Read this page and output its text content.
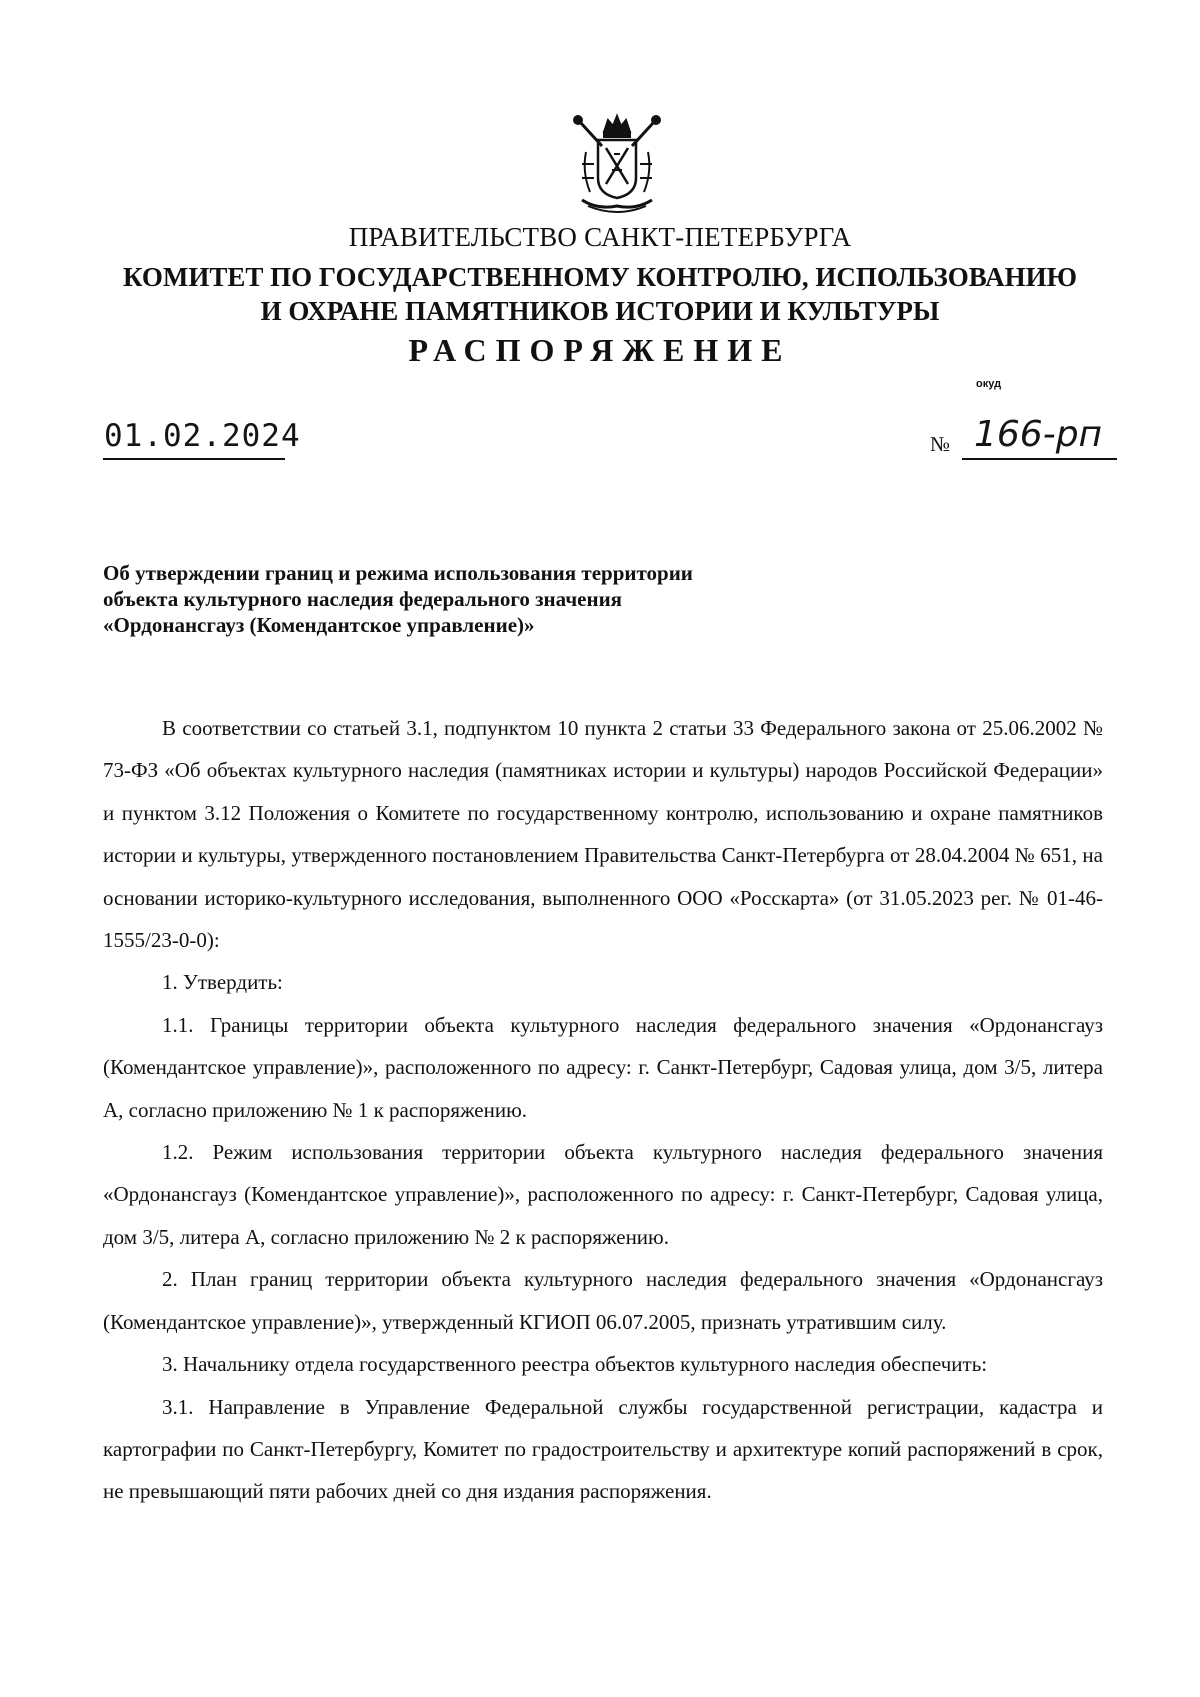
ПРАВИТЕЛЬСТВО САНКТ-ПЕТЕРБУРГА
КОМИТЕТ ПО ГОСУДАРСТВЕННОМУ КОНТРОЛЮ, ИСПОЛЬЗОВАНИЮ
И ОХРАНЕ ПАМЯТНИКОВ ИСТОРИИ И КУЛЬТУРЫ
РАСПОРЯЖЕНИЕ
окуд
01.02.2024	№ 166-рп
Об утверждении границ и режима использования территории
объекта культурного наследия федерального значения
«Ордонансгауз (Комендантское управление)»

В соответствии со статьей 3.1, подпунктом 10 пункта 2 статьи 33 Федерального закона от 25.06.2002 № 73-ФЗ «Об объектах культурного наследия (памятниках истории и культуры) народов Российской Федерации» и пунктом 3.12 Положения о Комитете по государственному контролю, использованию и охране памятников истории и культуры, утвержденного постановлением Правительства Санкт-Петербурга от 28.04.2004 № 651, на основании историко-культурного исследования, выполненного ООО «Росскарта» (от 31.05.2023 рег. № 01-46-1555/23-0-0):

1. Утвердить:

1.1. Границы территории объекта культурного наследия федерального значения «Ордонансгауз (Комендантское управление)», расположенного по адресу: г. Санкт-Петербург, Садовая улица, дом 3/5, литера А, согласно приложению № 1 к распоряжению.

1.2. Режим использования территории объекта культурного наследия федерального значения «Ордонансгауз (Комендантское управление)», расположенного по адресу: г. Санкт-Петербург, Садовая улица, дом 3/5, литера А, согласно приложению № 2 к распоряжению.

2. План границ территории объекта культурного наследия федерального значения «Ордонансгауз (Комендантское управление)», утвержденный КГИОП 06.07.2005, признать утратившим силу.

3. Начальнику отдела государственного реестра объектов культурного наследия обеспечить:

3.1. Направление в Управление Федеральной службы государственной регистрации, кадастра и картографии по Санкт-Петербургу, Комитет по градостроительству и архитектуре копий распоряжений в срок, не превышающий пяти рабочих дней со дня издания распоряжения.
